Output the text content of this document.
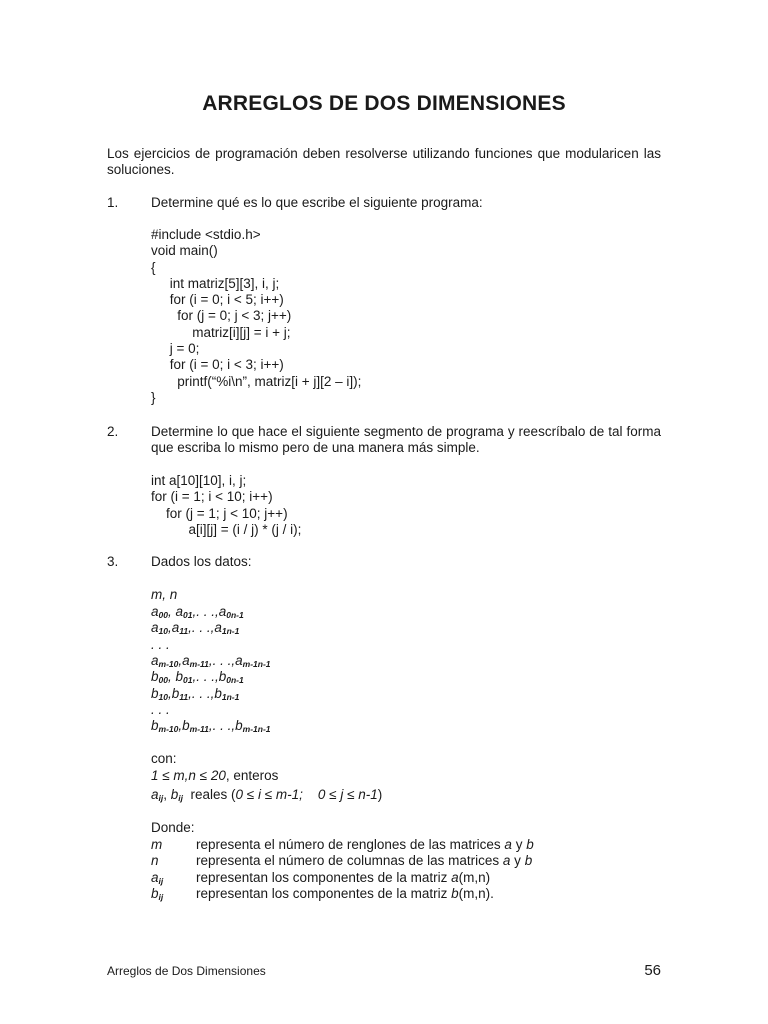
ARREGLOS DE DOS DIMENSIONES
Los ejercicios de programación deben resolverse utilizando funciones que modularicen las soluciones.
1. Determine qué es lo que escribe el siguiente programa:
#include <stdio.h>
void main()
{
int matriz[5][3], i, j;
for (i = 0; i < 5; i++)
for (j = 0; j < 3; j++)
matriz[i][j] = i + j;
j = 0;
for (i = 0; i < 3; i++)
printf(“%i\n”, matriz[i + j][2 – i]);
}
2. Determine lo que hace el siguiente segmento de programa y reescríbalo de tal forma que escriba lo mismo pero de una manera más simple.
int a[10][10], i, j;
for (i = 1; i < 10; i++)
for (j = 1; j < 10; j++)
a[i][j] = (i / j) * (j / i);
3. Dados los datos:
m, n
$a_{00}$, $a_{01}$,. . $.,a_{0n-1}$
$a_{10},a_{11}$,. . $.,a_{1n-1}$
. . .
$a_{m-10},a_{m-11}$,. . $.,a_{m-1n-1}$
$b_{00}$, $b_{01}$,. . $.,b_{0n-1}$
$b_{10},b_{11}$,. . $.,b_{1n-1}$
. . .
$b_{m-10},b_{m-11}$,. . $.,b_{m-1n-1}$
con:
1 ≤ m,n ≤ 20, enteros
aij, bij  reales (0 ≤ i ≤ m-1; 0 ≤ j ≤ n-1)
Donde:
m	representa el número de renglones de las matrices a y b
n	representa el número de columnas de las matrices a y b
$a_{ij}$ representan los componentes de la matriz a(m,n)
$b_{ij}$ representan los componentes de la matriz b(m,n).
Arreglos de Dos Dimensiones	56
